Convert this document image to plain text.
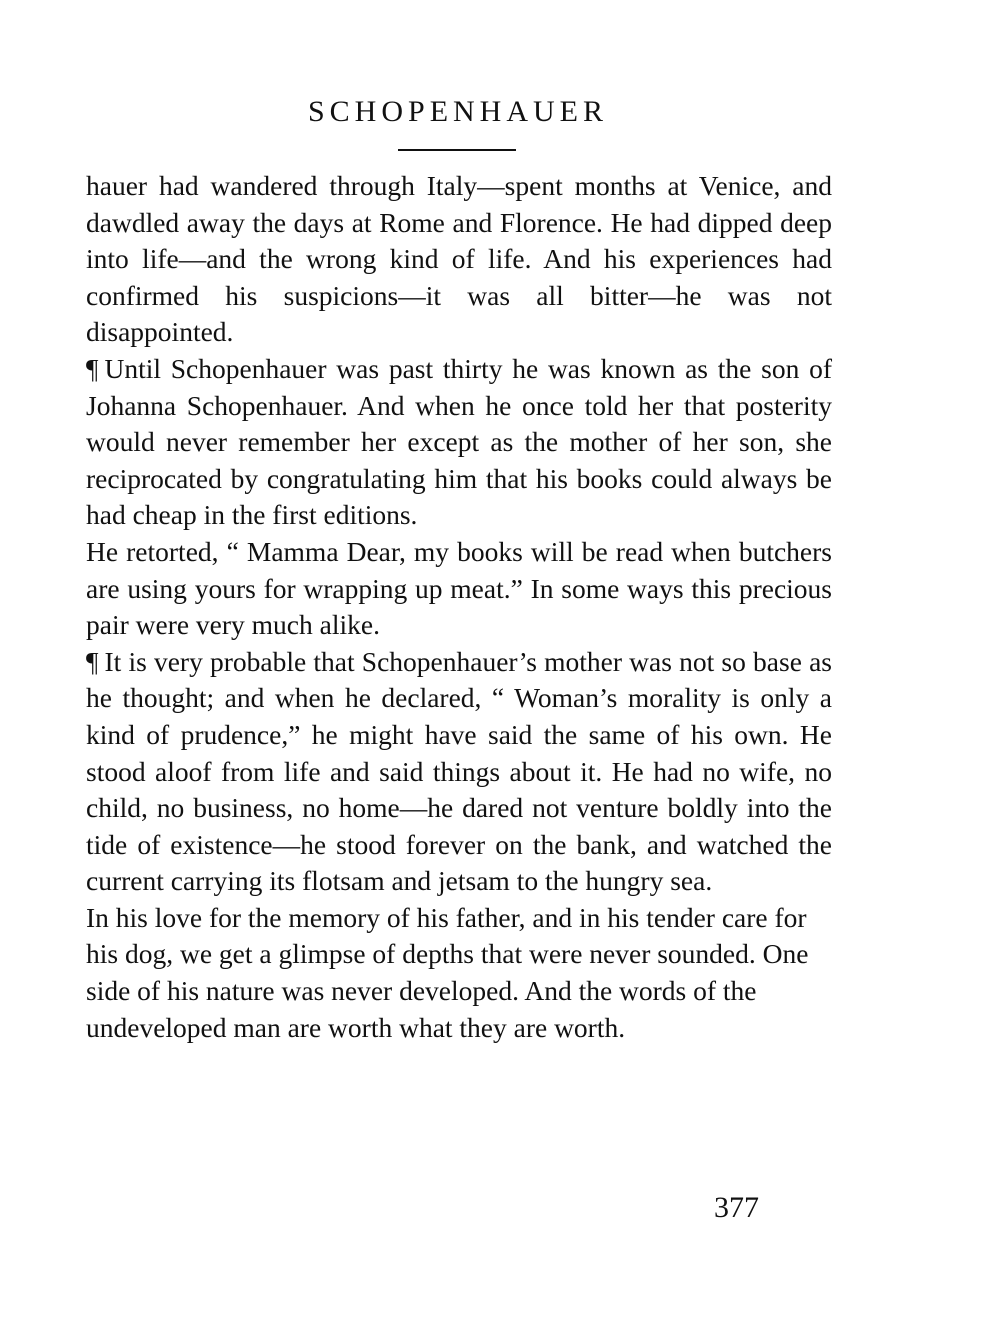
SCHOPENHAUER

hauer had wandered through Italy—spent months at Venice, and dawdled away the days at Rome and Florence. He had dipped deep into life—and the wrong kind of life. And his experiences had confirmed his suspicions—it was all bitter—he was not disappointed.

¶ Until Schopenhauer was past thirty he was known as the son of Johanna Schopenhauer. And when he once told her that posterity would never remember her except as the mother of her son, she reciprocated by congratulating him that his books could always be had cheap in the first editions.

He retorted, “ Mamma Dear, my books will be read when butchers are using yours for wrapping up meat.” In some ways this precious pair were very much alike.

¶ It is very probable that Schopenhauer’s mother was not so base as he thought; and when he declared, “ Woman’s morality is only a kind of prudence,” he might have said the same of his own. He stood aloof from life and said things about it. He had no wife, no child, no business, no home—he dared not venture boldly into the tide of existence—he stood forever on the bank, and watched the current carrying its flotsam and jetsam to the hungry sea.

In his love for the memory of his father, and in his tender care for his dog, we get a glimpse of depths that were never sounded. One side of his nature was never developed. And the words of the undeveloped man are worth what they are worth.

377
